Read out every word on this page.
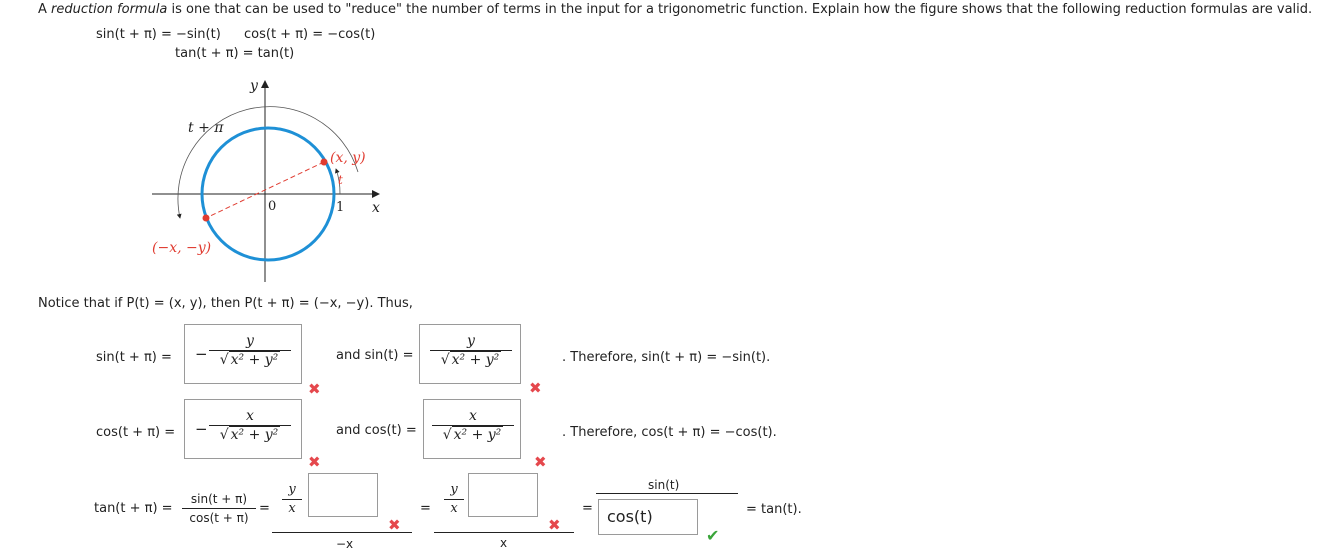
A reduction formula is one that can be used to "reduce" the number of terms in the input for a trigonometric function. Explain how the figure shows that the following reduction formulas are valid.
sin(t + π) = −sin(t) cos(t + π) = −cos(t)
tan(t + π) = tan(t)
y
x
0	1
t + π
t
(x, y)
(−x, −y)
Notice that if P(t) = (x, y), then P(t + π) = (−x, −y). Thus,
sin(t + π) = −
y
√ x² + y²
✖
and sin(t) =
y
√ x² + y²
✖
. Therefore, sin(t + π) = −sin(t).
cos(t + π) = −
x
√ x² + y²
✖
and cos(t) =
x
√ x² + y²
✖
. Therefore, cos(t + π) = −cos(t).
tan(t + π) =
sin(t + π)
cos(t + π)
=
y
x
−x
✖
=
y
x
x
✖
=
sin(t)
cos(t)
✔
= tan(t).
